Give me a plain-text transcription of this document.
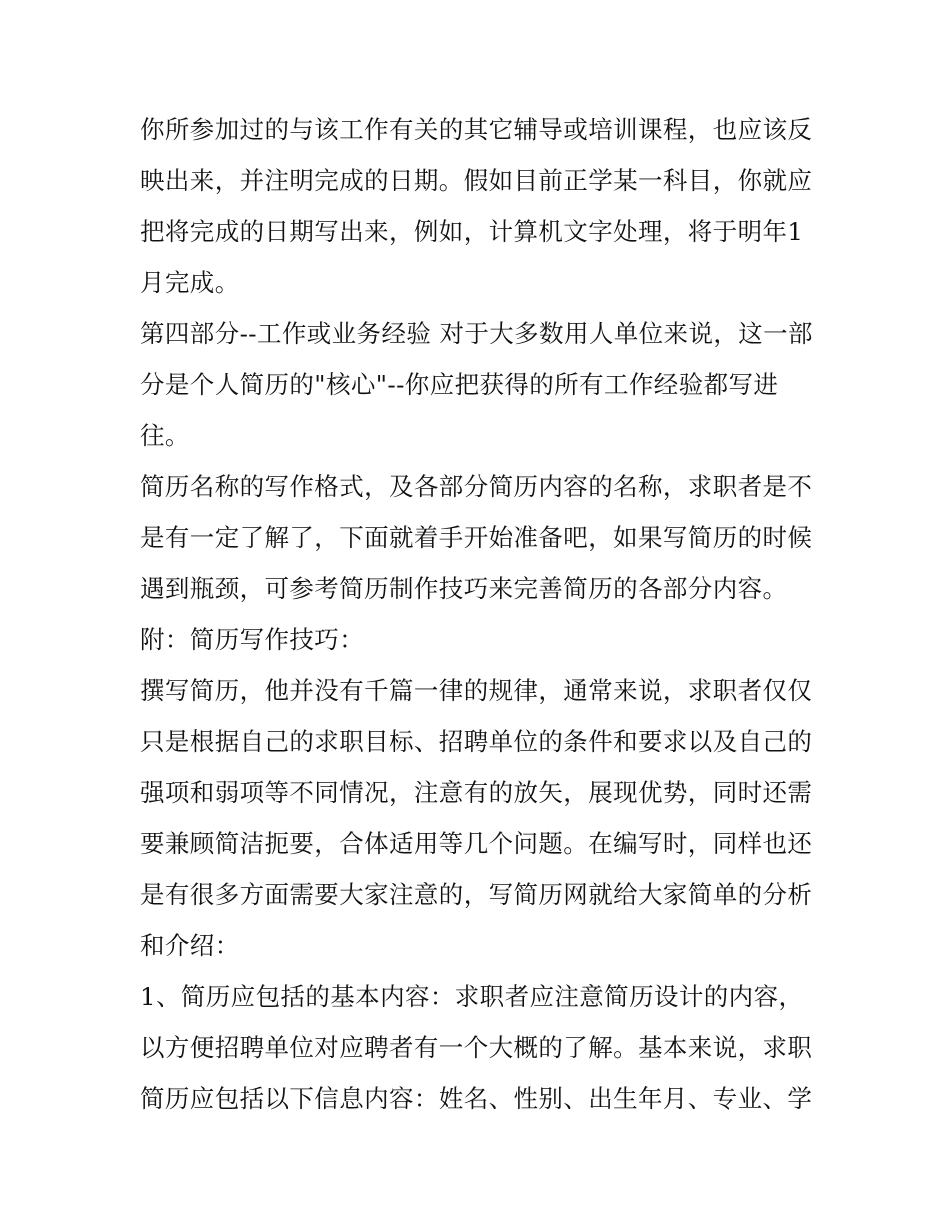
你所参加过的与该工作有关的其它辅导或培训课程，也应该反
映出来，并注明完成的日期。假如目前正学某一科目，你就应
把将完成的日期写出来，例如，计算机文字处理，将于明年1
月完成。
第四部分--工作或业务经验 对于大多数用人单位来说，这一部
分是个人简历的"核心"--你应把获得的所有工作经验都写进
往。
简历名称的写作格式，及各部分简历内容的名称，求职者是不
是有一定了解了，下面就着手开始准备吧，如果写简历的时候
遇到瓶颈，可参考简历制作技巧来完善简历的各部分内容。
附：简历写作技巧：
撰写简历，他并没有千篇一律的规律，通常来说，求职者仅仅
只是根据自己的求职目标、招聘单位的条件和要求以及自己的
强项和弱项等不同情况，注意有的放矢，展现优势，同时还需
要兼顾简洁扼要，合体适用等几个问题。在编写时，同样也还
是有很多方面需要大家注意的，写简历网就给大家简单的分析
和介绍：
1、简历应包括的基本内容：求职者应注意简历设计的内容，
以方便招聘单位对应聘者有一个大概的了解。基本来说，求职
简历应包括以下信息内容：姓名、性别、出生年月、专业、学
